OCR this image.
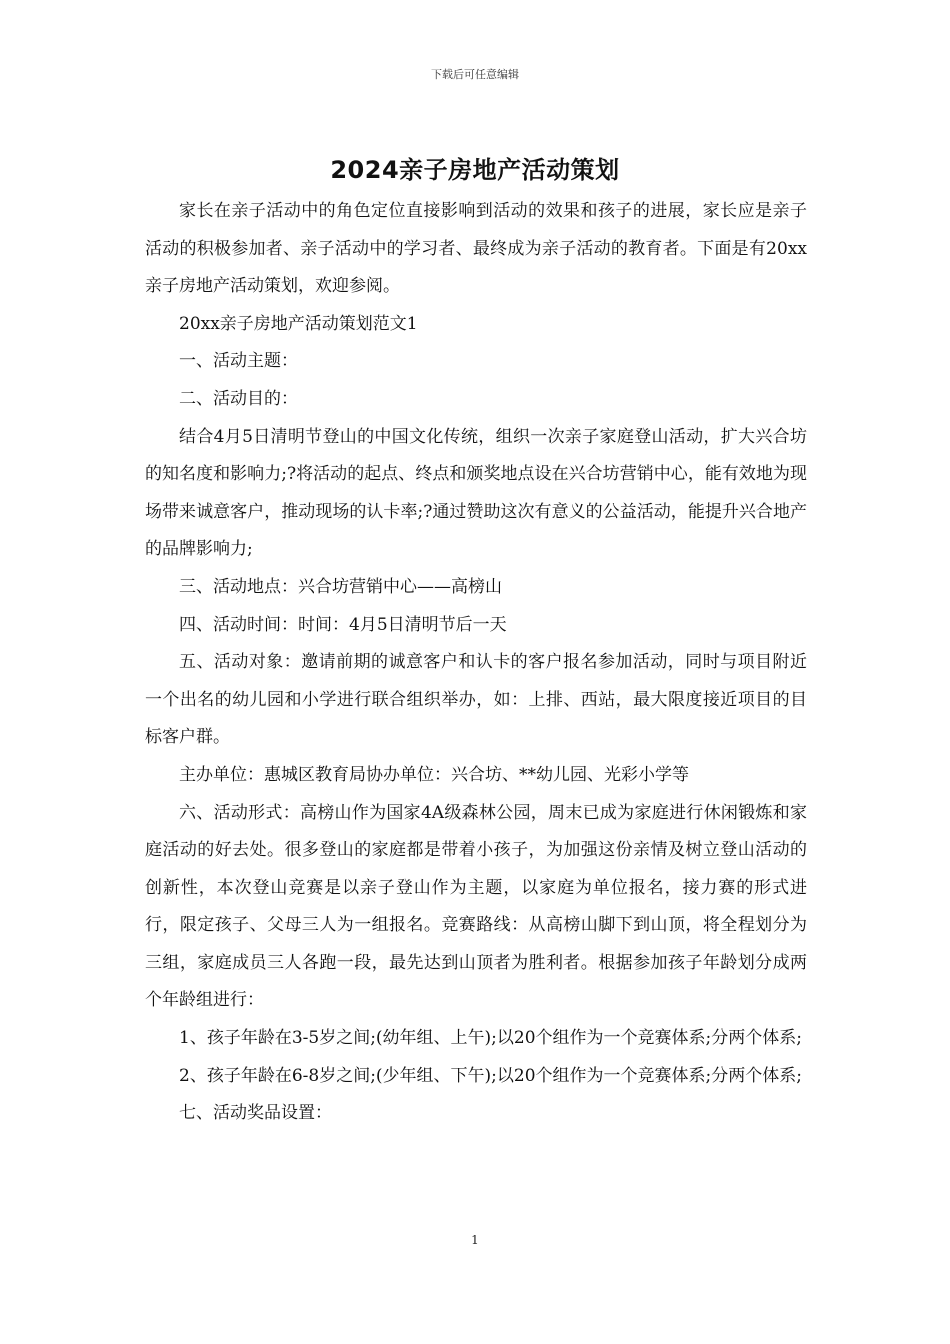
下载后可任意编辑
2024亲子房地产活动策划

家长在亲子活动中的角色定位直接影响到活动的效果和孩子的进展，家长应是亲子活动的积极参加者、亲子活动中的学习者、最终成为亲子活动的教育者。下面是有20xx亲子房地产活动策划，欢迎参阅。

20xx亲子房地产活动策划范文1

一、活动主题：

二、活动目的：

结合4月5日清明节登山的中国文化传统，组织一次亲子家庭登山活动，扩大兴合坊的知名度和影响力;?将活动的起点、终点和颁奖地点设在兴合坊营销中心，能有效地为现场带来诚意客户，推动现场的认卡率;?通过赞助这次有意义的公益活动，能提升兴合地产的品牌影响力;

三、活动地点：兴合坊营销中心——高榜山

四、活动时间：时间：4月5日清明节后一天

五、活动对象：邀请前期的诚意客户和认卡的客户报名参加活动，同时与项目附近一个出名的幼儿园和小学进行联合组织举办，如：上排、西站，最大限度接近项目的目标客户群。

主办单位：惠城区教育局协办单位：兴合坊、**幼儿园、光彩小学等

六、活动形式：高榜山作为国家4A级森林公园，周末已成为家庭进行休闲锻炼和家庭活动的好去处。很多登山的家庭都是带着小孩子，为加强这份亲情及树立登山活动的创新性，本次登山竞赛是以亲子登山作为主题，以家庭为单位报名，接力赛的形式进行，限定孩子、父母三人为一组报名。竞赛路线：从高榜山脚下到山顶，将全程划分为三组，家庭成员三人各跑一段，最先达到山顶者为胜利者。根据参加孩子年龄划分成两个年龄组进行：

1、孩子年龄在3-5岁之间;(幼年组、上午);以20个组作为一个竞赛体系;分两个体系;

2、孩子年龄在6-8岁之间;(少年组、下午);以20个组作为一个竞赛体系;分两个体系;

七、活动奖品设置：

1
